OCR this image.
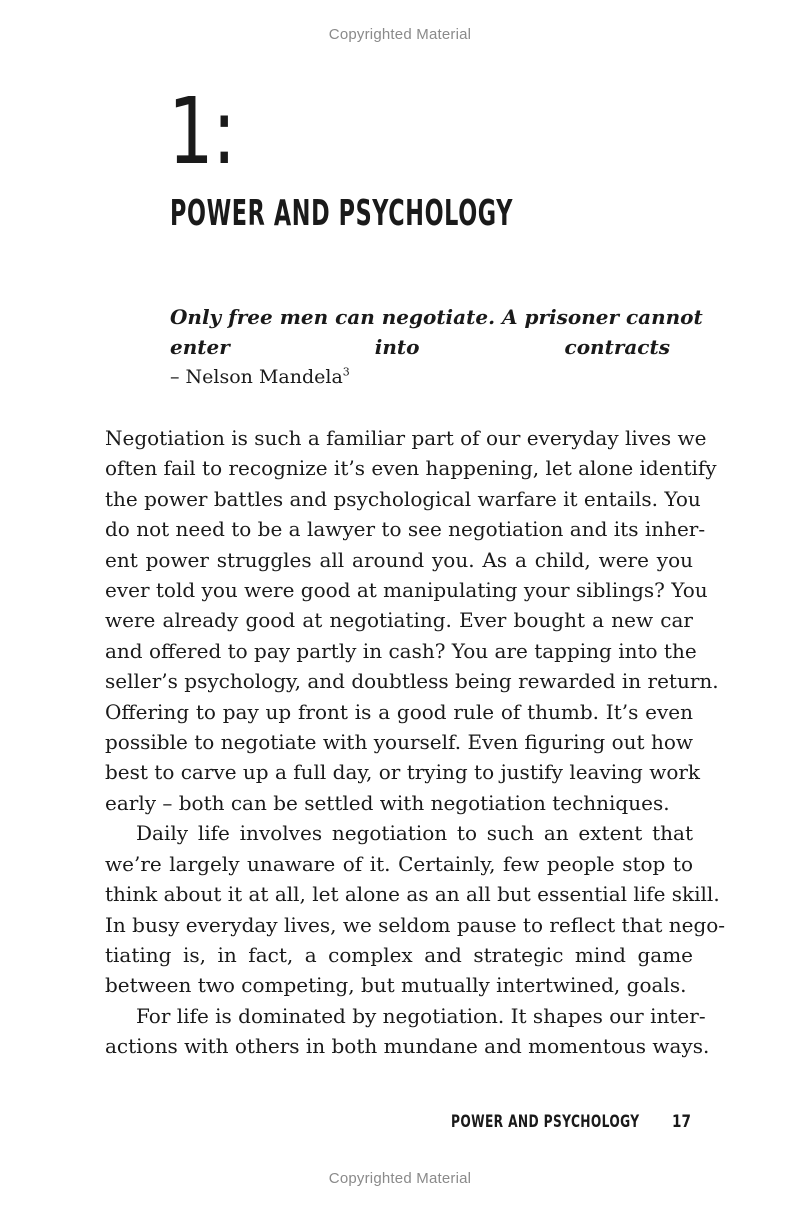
Copyrighted Material
1:
POWER AND PSYCHOLOGY

Only free men can negotiate. A prisoner cannot
enter into contracts

– Nelson Mandela$^3$

Negotiation is such a familiar part of our everyday lives we
often fail to recognize it’s even happening, let alone identify
the power battles and psychological warfare it entails. You
do not need to be a lawyer to see negotiation and its inher-
ent power struggles all around you. As a child, were you
ever told you were good at manipulating your siblings? You
were already good at negotiating. Ever bought a new car
and offered to pay partly in cash? You are tapping into the
seller’s psychology, and doubtless being rewarded in return.
Offering to pay up front is a good rule of thumb. It’s even
possible to negotiate with yourself. Even figuring out how
best to carve up a full day, or trying to justify leaving work
early – both can be settled with negotiation techniques.

Daily life involves negotiation to such an extent that
we’re largely unaware of it. Certainly, few people stop to
think about it at all, let alone as an all but essential life skill.
In busy everyday lives, we seldom pause to reflect that nego-
tiating is, in fact, a complex and strategic mind game
between two competing, but mutually intertwined, goals.

For life is dominated by negotiation. It shapes our inter-
actions with others in both mundane and momentous ways.

POWER AND PSYCHOLOGY 17
Copyrighted Material
